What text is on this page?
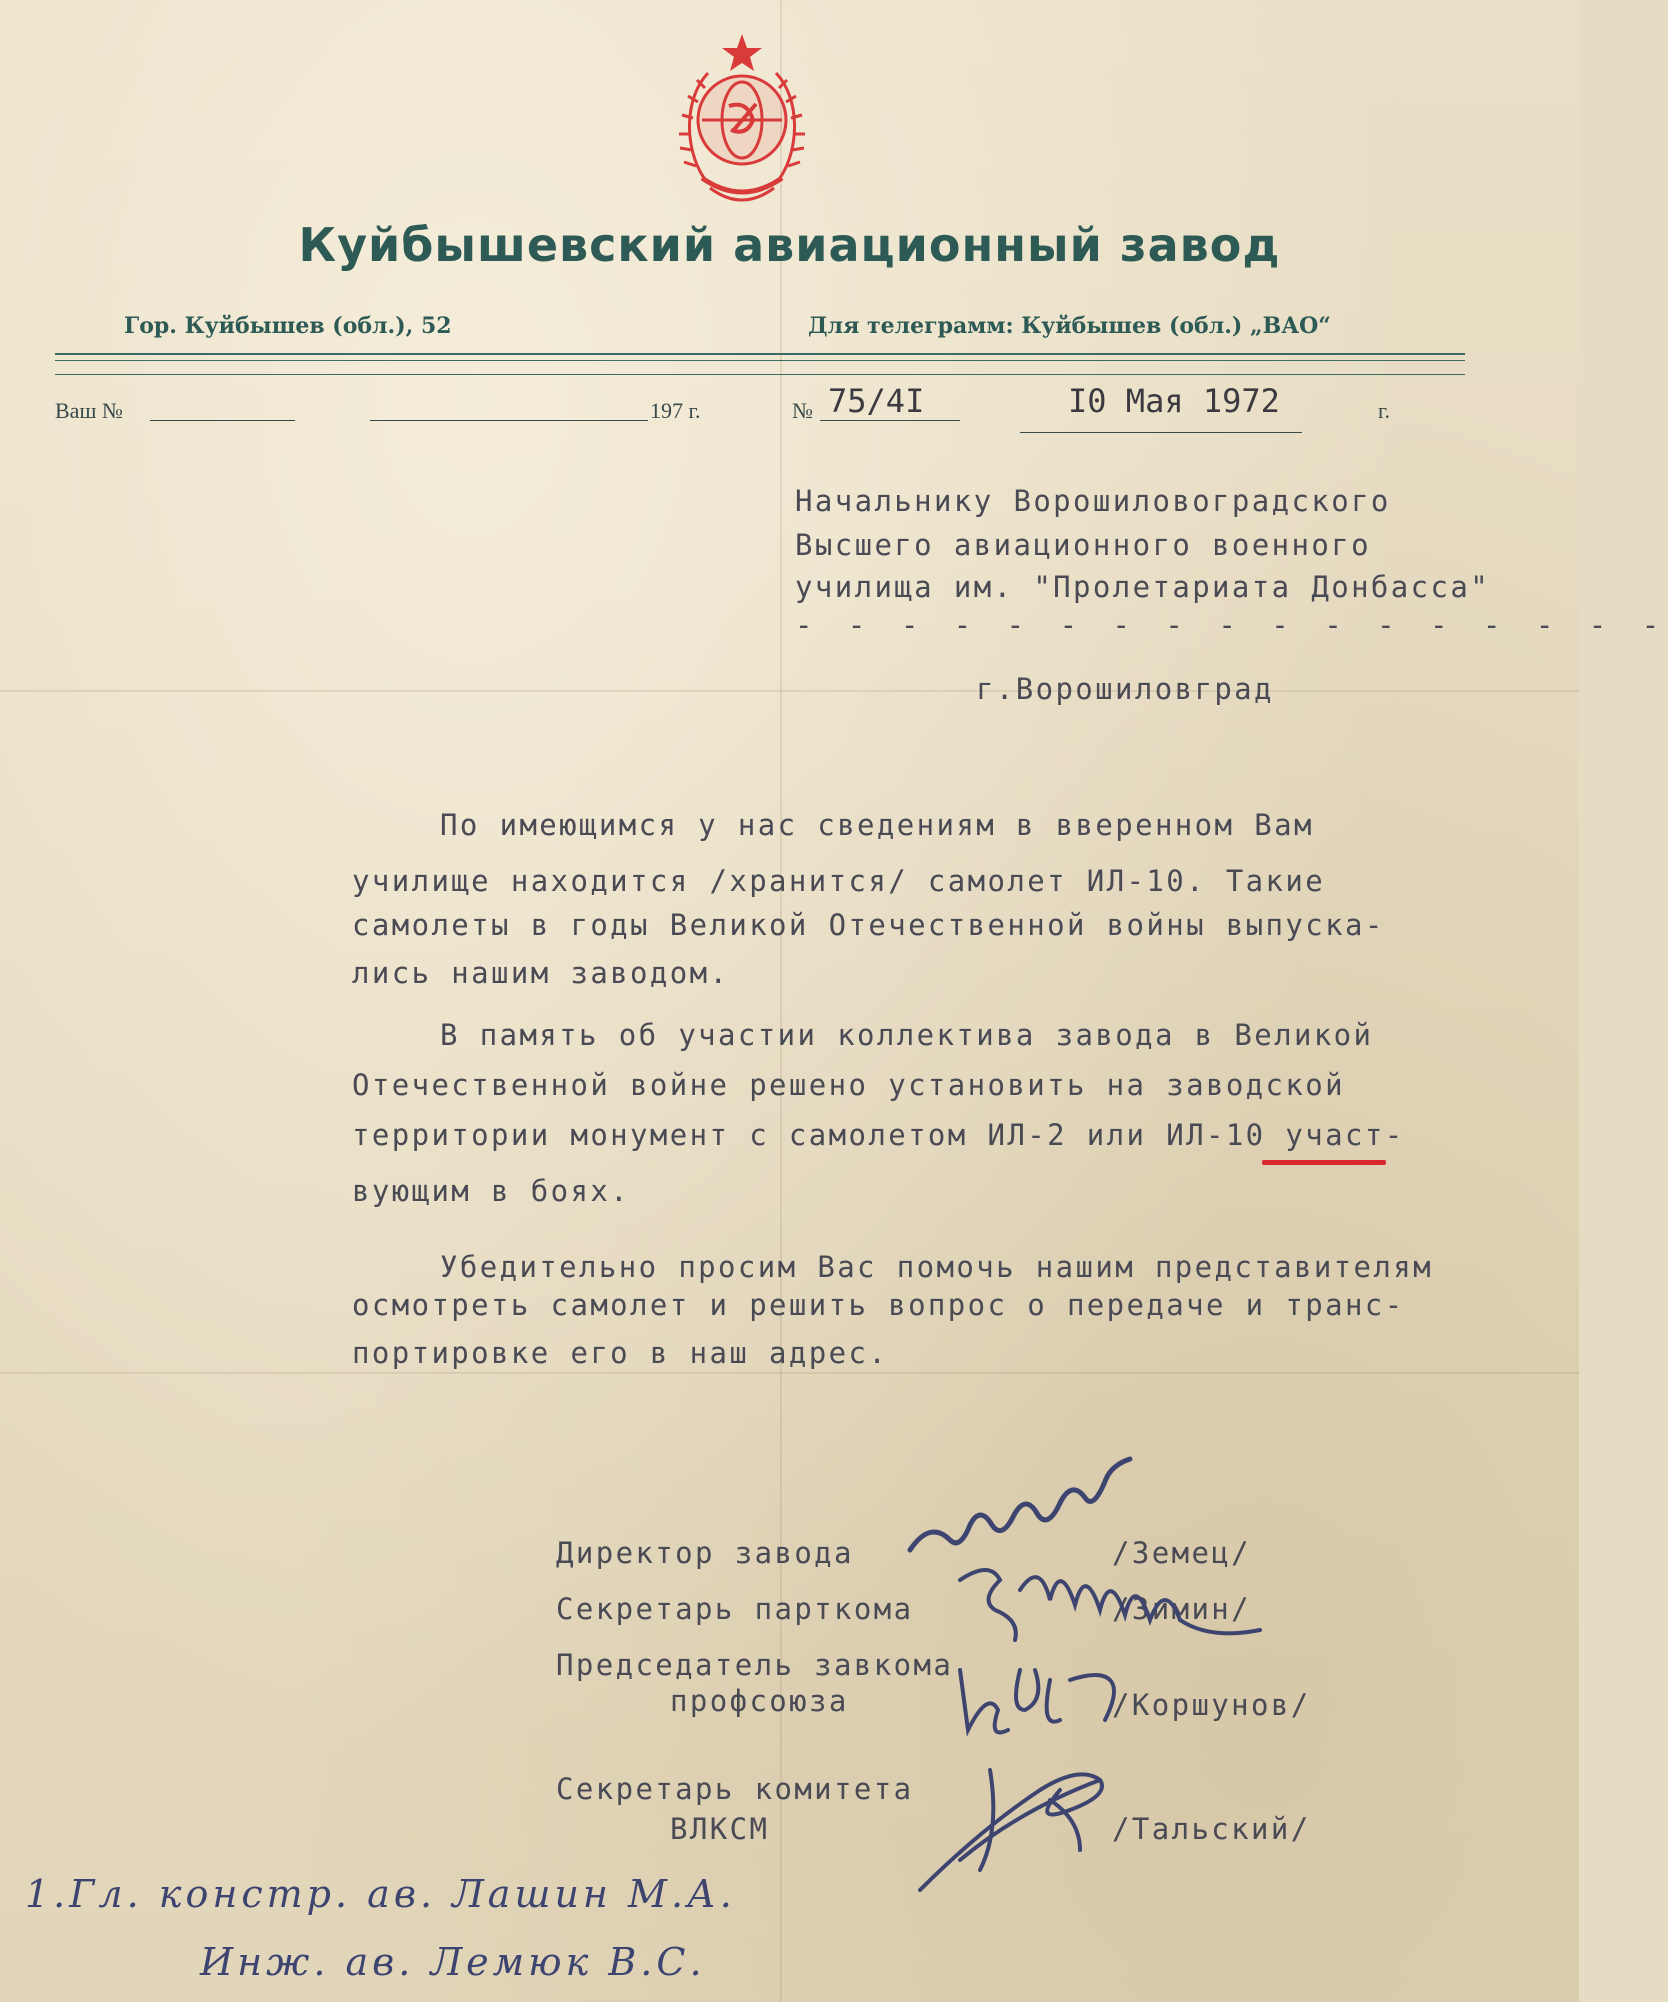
Куйбышевский авиационный завод
Гор. Куйбышев (обл.), 52	Для телеграмм: Куйбышев (обл.) „ВАО“
Ваш №	197 г.	№ 75/4I	I0 Мая 1972	г.
Начальнику Ворошиловоградского
Высшего авиационного военного
училища им. "Пролетариата Донбасса"
- - - - - - - - - - - - - - - - -
г.Ворошиловград
По имеющимся у нас сведениям в вверенном Вам
училище находится /хранится/ самолет ИЛ-10. Такие
самолеты в годы Великой Отечественной войны выпуска-
лись нашим заводом.
В память об участии коллектива завода в Великой
Отечественной войне решено установить на заводской
территории монумент с самолетом ИЛ-2 или ИЛ-10 участ-
вующим в боях.
Убедительно просим Вас помочь нашим представителям
осмотреть самолет и решить вопрос о передаче и транс-
портировке его в наш адрес.
Директор завода	/Земец/
Секретарь парткома	/Зимин/
Председатель завкома
профсоюза	/Коршунов/
Секретарь комитета
ВЛКСМ	/Тальский/
1.Гл. констр. ав. Лашин М.А.
Инж. ав. Лемюк В.С.
